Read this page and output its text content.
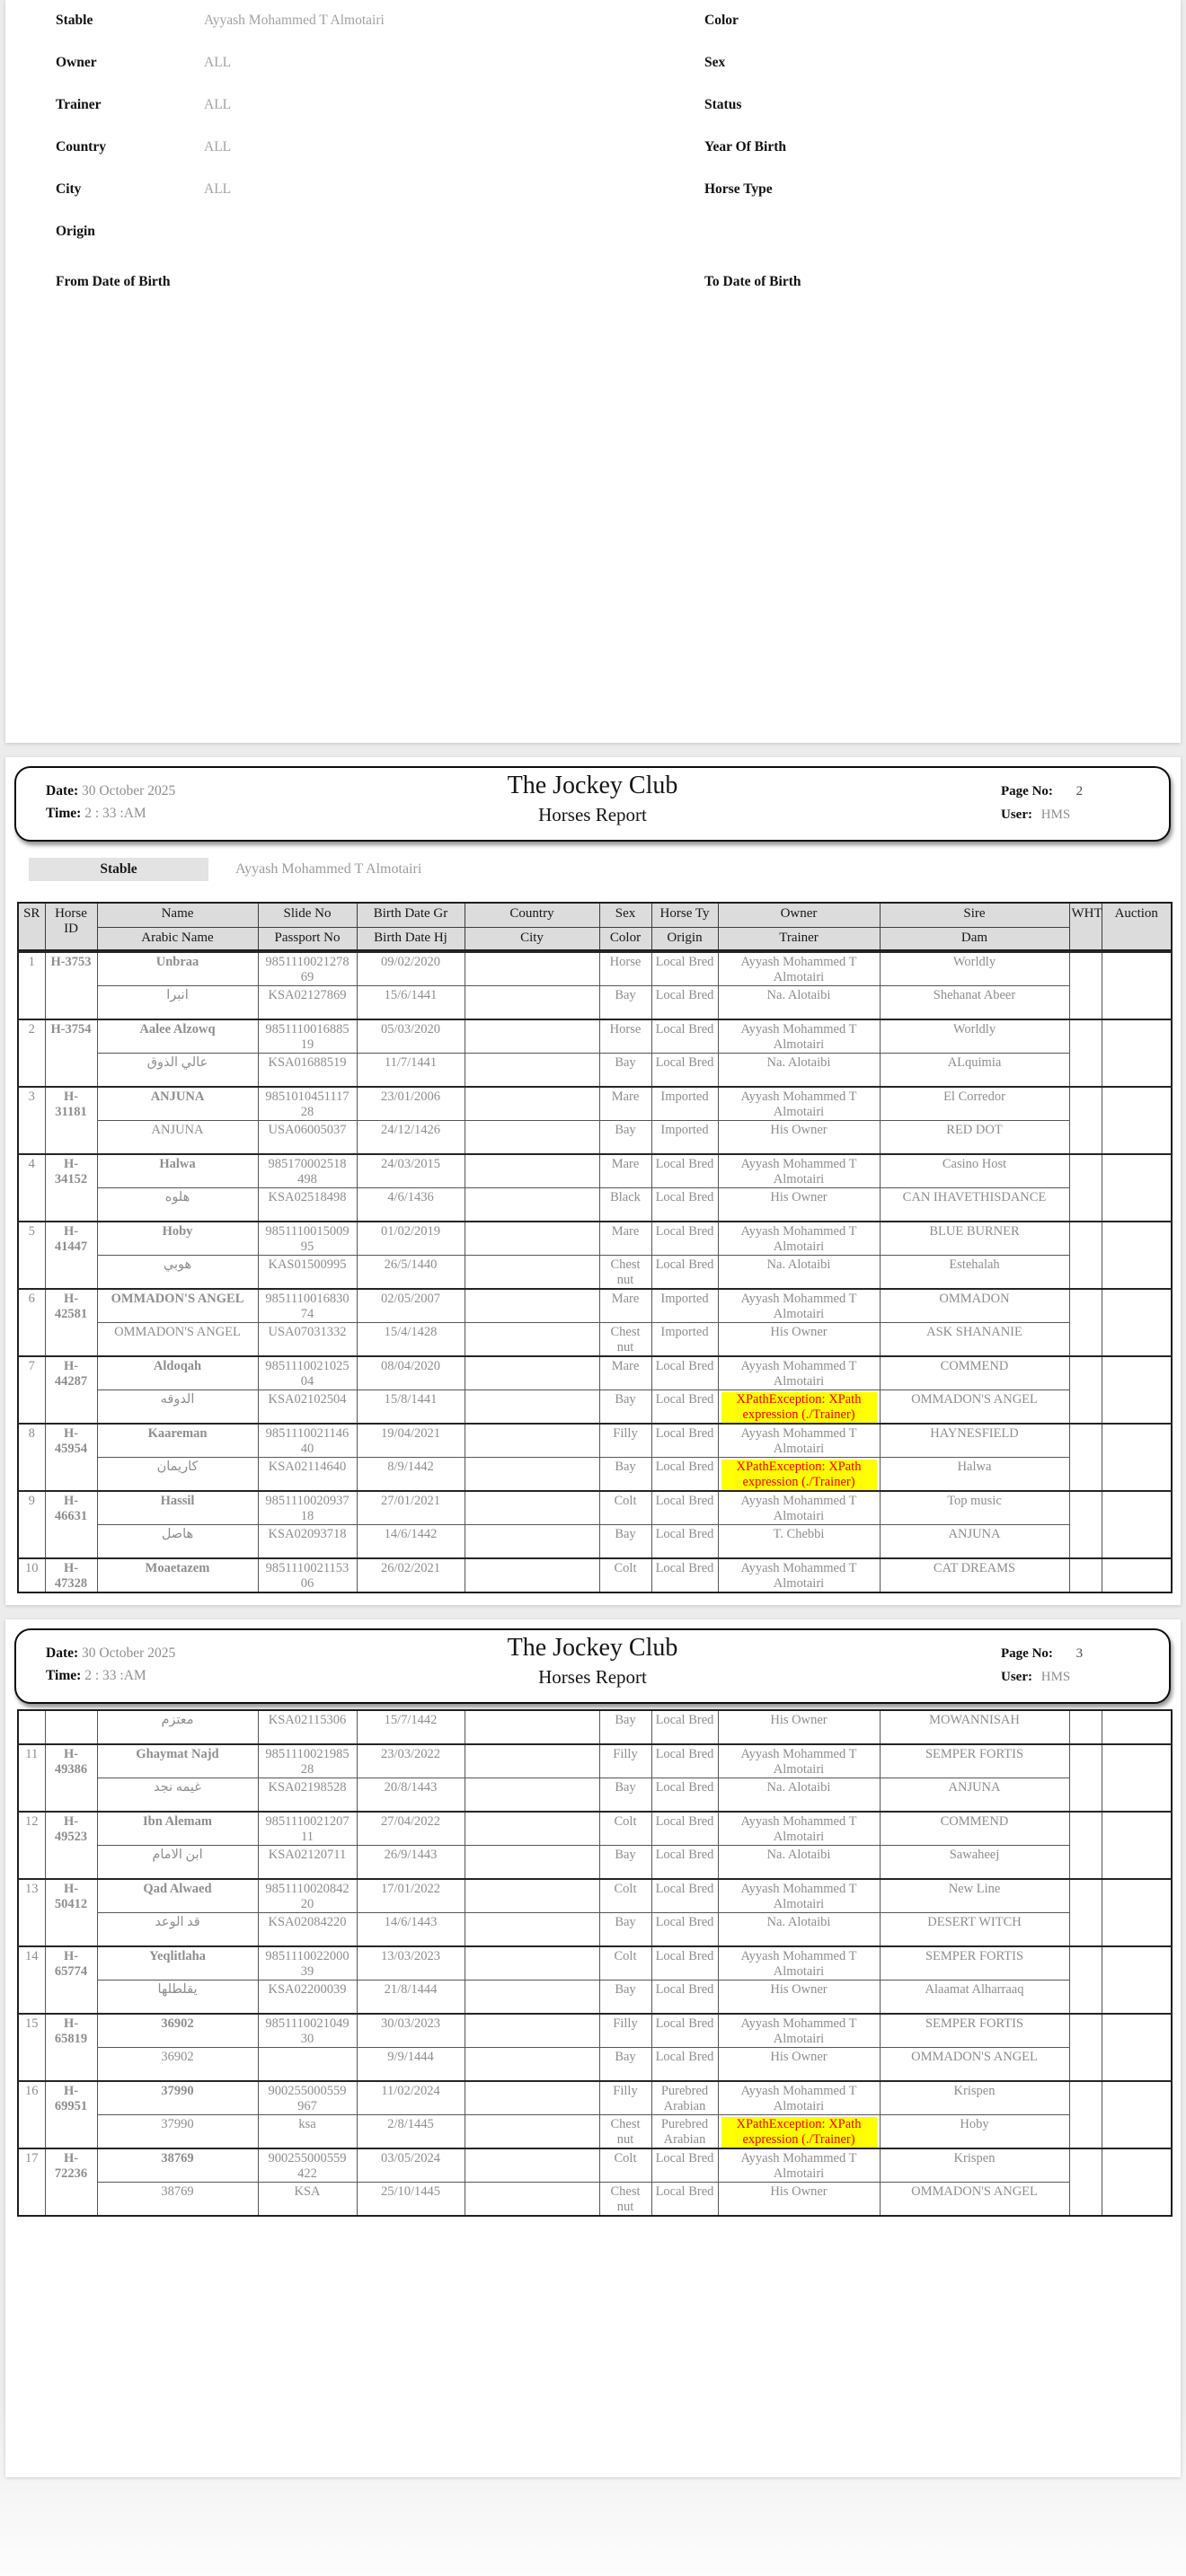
Stable	Ayyash Mohammed T Almotairi
Owner	ALL
Trainer	ALL
Country	ALL
City	ALL
Origin
From Date of Birth
Color
Sex
Status
Year Of Birth
Horse Type
To Date of Birth
Date: 30 October 2025
Time: 2 : 33 :AM
The Jockey Club
Horses Report
Page No: 2
User: HMS
Stable	Ayyash Mohammed T Almotairi
SR	Horse ID	Name	Slide No	Birth Date Gr	Country	Sex	Horse Ty	Owner	Sire	WHT	Auction
		Arabic Name	Passport No	Birth Date Hj	City	Color	Origin	Trainer	Dam		
1	H-3753	Unbraa	985111002127869	09/02/2020		Horse	Local Bred	Ayyash Mohammed T Almotairi	Worldly		
		انبرا	KSA02127869	15/6/1441		Bay	Local Bred	Na. Alotaibi	Shehanat Abeer		
2	H-3754	Aalee Alzowq	985111001688519	05/03/2020		Horse	Local Bred	Ayyash Mohammed T Almotairi	Worldly		
		عالي الذوق	KSA01688519	11/7/1441		Bay	Local Bred	Na. Alotaibi	ALquimia		
3	H-31181	ANJUNA	985101045111728	23/01/2006		Mare	Imported	Ayyash Mohammed T Almotairi	El Corredor		
		ANJUNA	USA06005037	24/12/1426		Bay	Imported	His Owner	RED DOT		
4	H-34152	Halwa	985170002518498	24/03/2015		Mare	Local Bred	Ayyash Mohammed T Almotairi	Casino Host		
		هلوه	KSA02518498	4/6/1436		Black	Local Bred	His Owner	CAN IHAVETHISDANCE		
5	H-41447	Hoby	985111001500995	01/02/2019		Mare	Local Bred	Ayyash Mohammed T Almotairi	BLUE BURNER		
		هوبي	KAS01500995	26/5/1440		Chest nut	Local Bred	Na. Alotaibi	Estehalah		
6	H-42581	OMMADON'S ANGEL	985111001683074	02/05/2007		Mare	Imported	Ayyash Mohammed T Almotairi	OMMADON		
		OMMADON'S ANGEL	USA07031332	15/4/1428		Chest nut	Imported	His Owner	ASK SHANANIE		
7	H-44287	Aldoqah	985111002102504	08/04/2020		Mare	Local Bred	Ayyash Mohammed T Almotairi	COMMEND		
		الدوقه	KSA02102504	15/8/1441		Bay	Local Bred	XPathException: XPath expression (./Trainer)	OMMADON'S ANGEL		
8	H-45954	Kaareman	985111002114640	19/04/2021		Filly	Local Bred	Ayyash Mohammed T Almotairi	HAYNESFIELD		
		كاريمان	KSA02114640	8/9/1442		Bay	Local Bred	XPathException: XPath expression (./Trainer)	Halwa		
9	H-46631	Hassil	985111002093718	27/01/2021		Colt	Local Bred	Ayyash Mohammed T Almotairi	Top music		
		هاصل	KSA02093718	14/6/1442		Bay	Local Bred	T. Chebbi	ANJUNA		
10	H-47328	Moaetazem	985111002115306	26/02/2021		Colt	Local Bred	Ayyash Mohammed T Almotairi	CAT DREAMS		
Date: 30 October 2025
Time: 2 : 33 :AM
The Jockey Club
Horses Report
Page No: 3
User: HMS
		معتزم	KSA02115306	15/7/1442		Bay	Local Bred	His Owner	MOWANNISAH		
11	H-49386	Ghaymat Najd	985111002198528	23/03/2022		Filly	Local Bred	Ayyash Mohammed T Almotairi	SEMPER FORTIS		
		غيمه نجد	KSA02198528	20/8/1443		Bay	Local Bred	Na. Alotaibi	ANJUNA		
12	H-49523	Ibn Alemam	985111002120711	27/04/2022		Colt	Local Bred	Ayyash Mohammed T Almotairi	COMMEND		
		ابن الامام	KSA02120711	26/9/1443		Bay	Local Bred	Na. Alotaibi	Sawaheej		
13	H-50412	Qad Alwaed	985111002084220	17/01/2022		Colt	Local Bred	Ayyash Mohammed T Almotairi	New Line		
		قد الوعد	KSA02084220	14/6/1443		Bay	Local Bred	Na. Alotaibi	DESERT WITCH		
14	H-65774	Yeqlitlaha	985111002200039	13/03/2023		Colt	Local Bred	Ayyash Mohammed T Almotairi	SEMPER FORTIS		
		يقلطلها	KSA02200039	21/8/1444		Bay	Local Bred	His Owner	Alaamat Alharraaq		
15	H-65819	36902	985111002104930	30/03/2023		Filly	Local Bred	Ayyash Mohammed T Almotairi	SEMPER FORTIS		
		36902		9/9/1444		Bay	Local Bred	His Owner	OMMADON'S ANGEL		
16	H-69951	37990	900255000559967	11/02/2024		Filly	Purebred Arabian	Ayyash Mohammed T Almotairi	Krispen		
		37990	ksa	2/8/1445		Chest nut	Purebred Arabian	XPathException: XPath expression (./Trainer)	Hoby		
17	H-72236	38769	900255000559422	03/05/2024		Colt	Local Bred	Ayyash Mohammed T Almotairi	Krispen		
		38769	KSA	25/10/1445		Chest nut	Local Bred	His Owner	OMMADON'S ANGEL		
